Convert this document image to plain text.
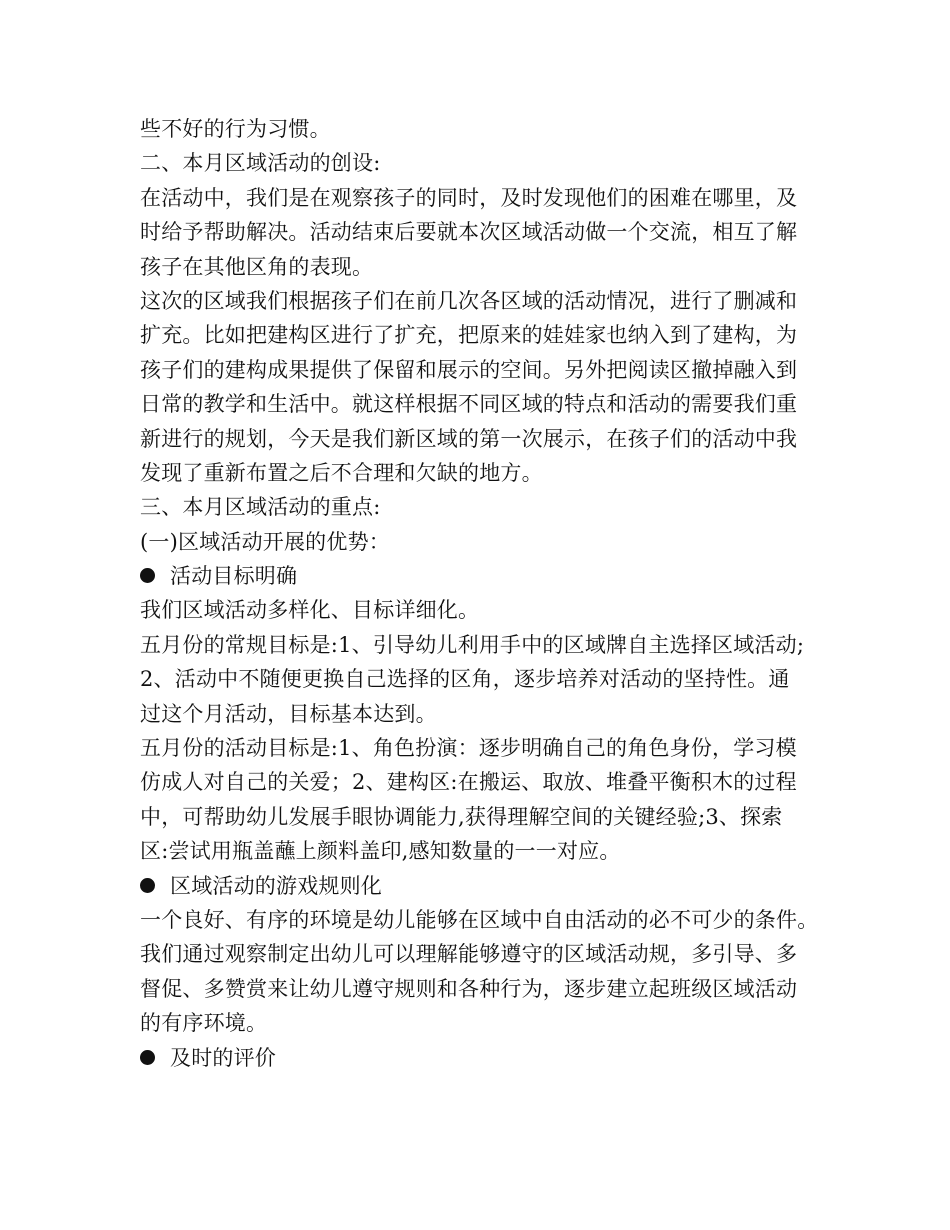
些不好的行为习惯。
二、本月区域活动的创设:
在活动中，我们是在观察孩子的同时，及时发现他们的困难在哪里，及
时给予帮助解决。活动结束后要就本次区域活动做一个交流，相互了解
孩子在其他区角的表现。
这次的区域我们根据孩子们在前几次各区域的活动情况，进行了删减和
扩充。比如把建构区进行了扩充，把原来的娃娃家也纳入到了建构，为
孩子们的建构成果提供了保留和展示的空间。另外把阅读区撤掉融入到
日常的教学和生活中。就这样根据不同区域的特点和活动的需要我们重
新进行的规划，今天是我们新区域的第一次展示，在孩子们的活动中我
发现了重新布置之后不合理和欠缺的地方。
三、本月区域活动的重点:
(一)区域活动开展的优势：
活动目标明确
我们区域活动多样化、目标详细化。
五月份的常规目标是:1、引导幼儿利用手中的区域牌自主选择区域活动;
2、活动中不随便更换自己选择的区角，逐步培养对活动的坚持性。通
过这个月活动，目标基本达到。
五月份的活动目标是:1、角色扮演：逐步明确自己的角色身份，学习模
仿成人对自己的关爱；2、建构区:在搬运、取放、堆叠平衡积木的过程
中，可帮助幼儿发展手眼协调能力,获得理解空间的关键经验;3、探索
区:尝试用瓶盖蘸上颜料盖印,感知数量的一一对应。
区域活动的游戏规则化
一个良好、有序的环境是幼儿能够在区域中自由活动的必不可少的条件。
我们通过观察制定出幼儿可以理解能够遵守的区域活动规，多引导、多
督促、多赞赏来让幼儿遵守规则和各种行为，逐步建立起班级区域活动
的有序环境。
及时的评价
